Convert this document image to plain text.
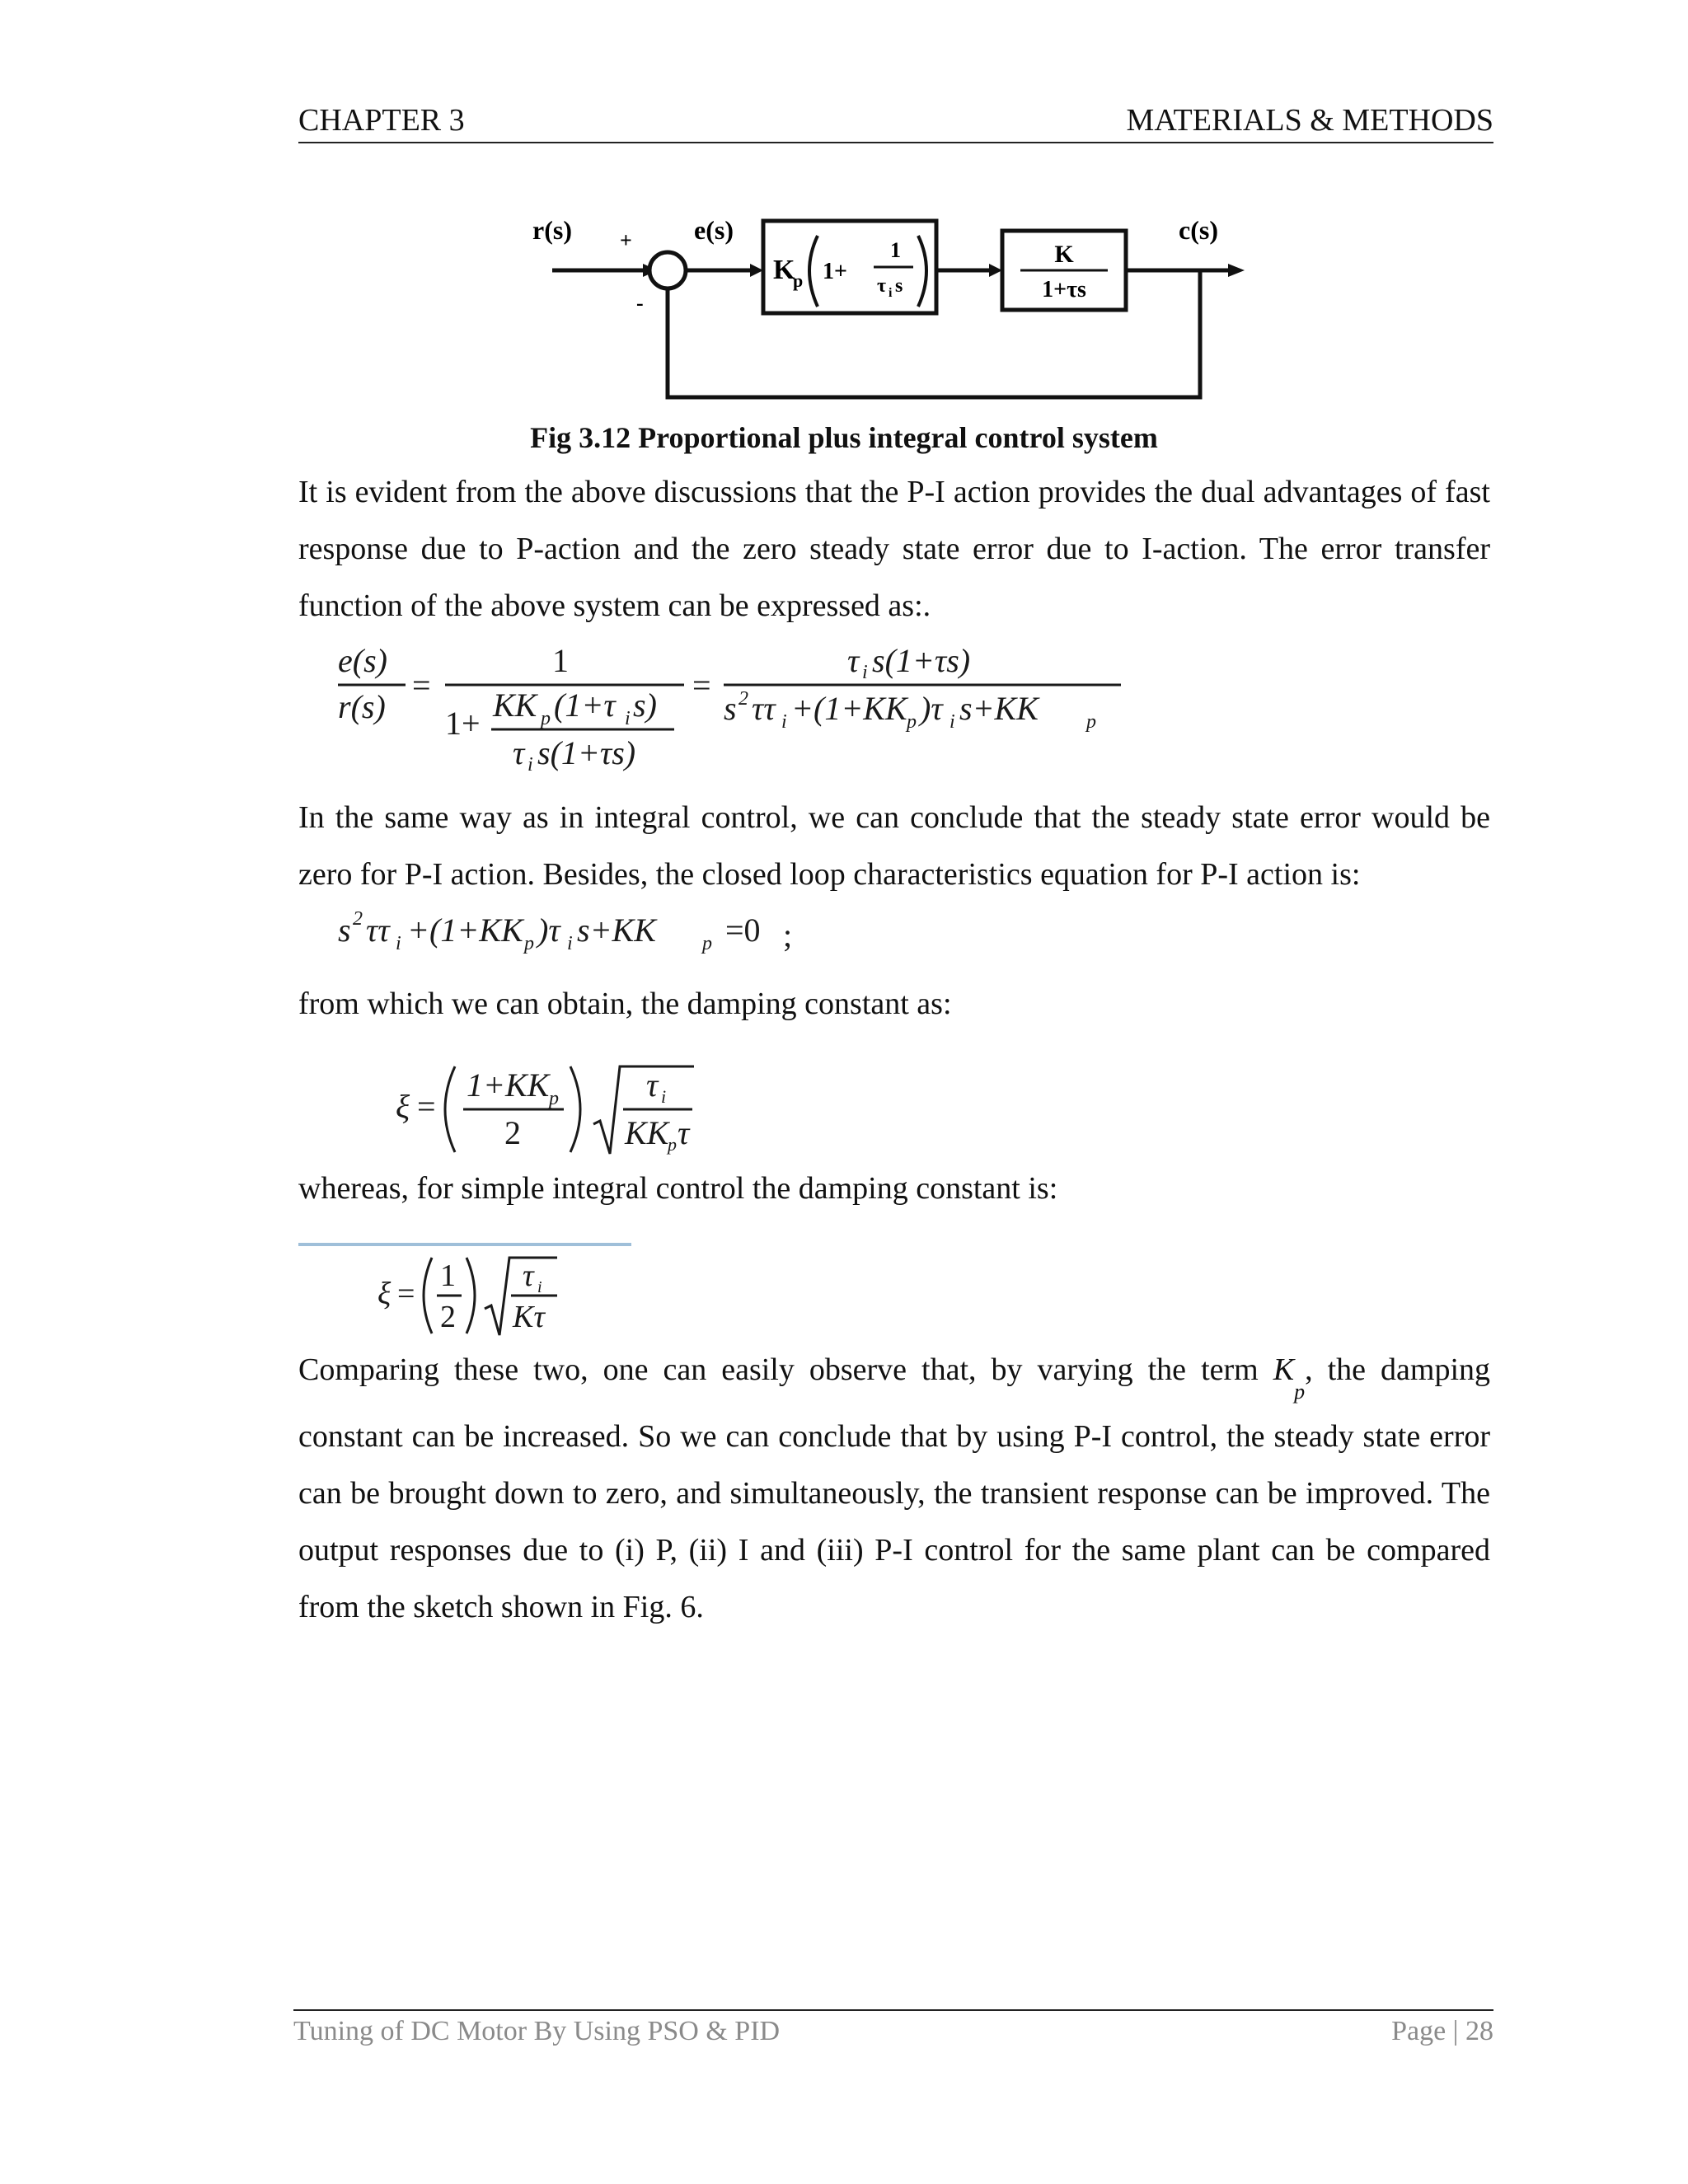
CHAPTER 3	MATERIALS & METHODS
r(s) +
-
e(s)
K
p 1+
1
τ i s
K
1+τs
c(s)
Fig 3.12 Proportional plus integral control system
It is evident from the above discussions that the P-I action provides the dual advantages of fast response due to P-action and the zero steady state error due to I-action. The error transfer function of the above system can be expressed as:.
e(s)
r(s)
=
1
1+ KK p (1+τ i s)
τ i s(1+τs)
=
τ i s(1+τs)
s 2 ττ i +(1+KK p )τ i s+KK p
In the same way as in integral control, we can conclude that the steady state error would be zero for P-I action. Besides, the closed loop characteristics equation for P-I action is:
s 2 ττ i +(1+KK p )τ i s+KK p =0 ;
from which we can obtain, the damping constant as:
ξ =
1+KK p
2
τ i
KK
p τ
whereas, for simple integral control the damping constant is:
ξ =
1
2
τ i
Kτ
Comparing these two, one can easily observe that, by varying the term $K_p$, the damping constant can be increased. So we can conclude that by using P-I control, the steady state error can be brought down to zero, and simultaneously, the transient response can be improved. The output responses due to (i) P, (ii) I and (iii) P-I control for the same plant can be compared from the sketch shown in Fig. 6.
Tuning of DC Motor By Using PSO & PID	Page | 28
